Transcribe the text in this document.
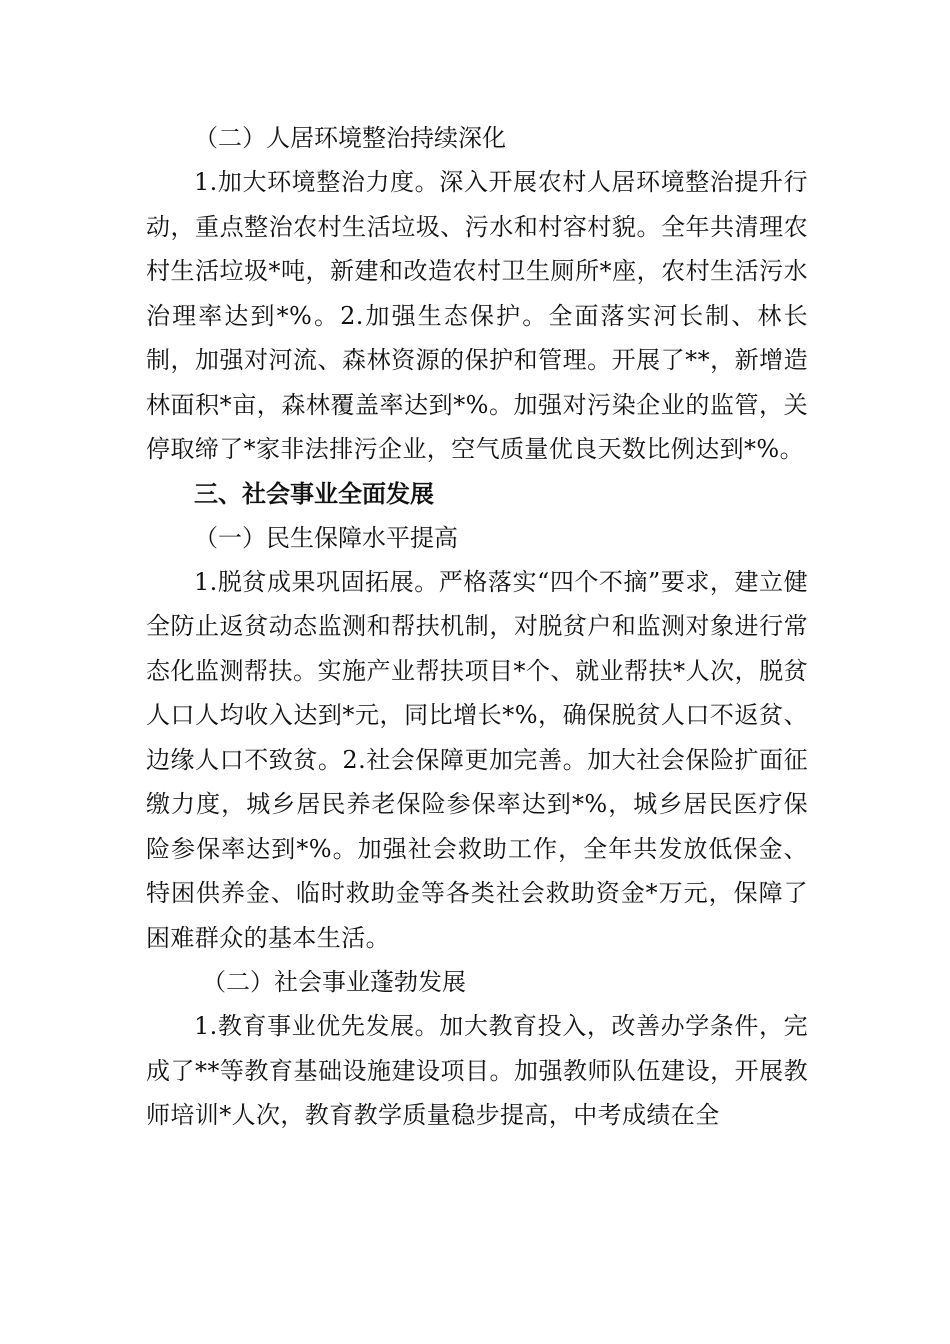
（二）人居环境整治持续深化

1.加大环境整治力度。深入开展农村人居环境整治提升行动，重点整治农村生活垃圾、污水和村容村貌。全年共清理农村生活垃圾*吨，新建和改造农村卫生厕所*座，农村生活污水治理率达到*%。2.加强生态保护。全面落实河长制、林长制，加强对河流、森林资源的保护和管理。开展了**，新增造林面积*亩，森林覆盖率达到*%。加强对污染企业的监管，关停取缔了*家非法排污企业，空气质量优良天数比例达到*%。

三、社会事业全面发展

（一）民生保障水平提高

1.脱贫成果巩固拓展。严格落实“四个不摘”要求，建立健全防止返贫动态监测和帮扶机制，对脱贫户和监测对象进行常态化监测帮扶。实施产业帮扶项目*个、就业帮扶*人次，脱贫人口人均收入达到*元，同比增长*%，确保脱贫人口不返贫、边缘人口不致贫。2.社会保障更加完善。加大社会保险扩面征缴力度，城乡居民养老保险参保率达到*%，城乡居民医疗保险参保率达到*%。加强社会救助工作，全年共发放低保金、特困供养金、临时救助金等各类社会救助资金*万元，保障了困难群众的基本生活。

（二）社会事业蓬勃发展

1.教育事业优先发展。加大教育投入，改善办学条件，完成了**等教育基础设施建设项目。加强教师队伍建设，开展教师培训*人次，教育教学质量稳步提高，中考成绩在全
